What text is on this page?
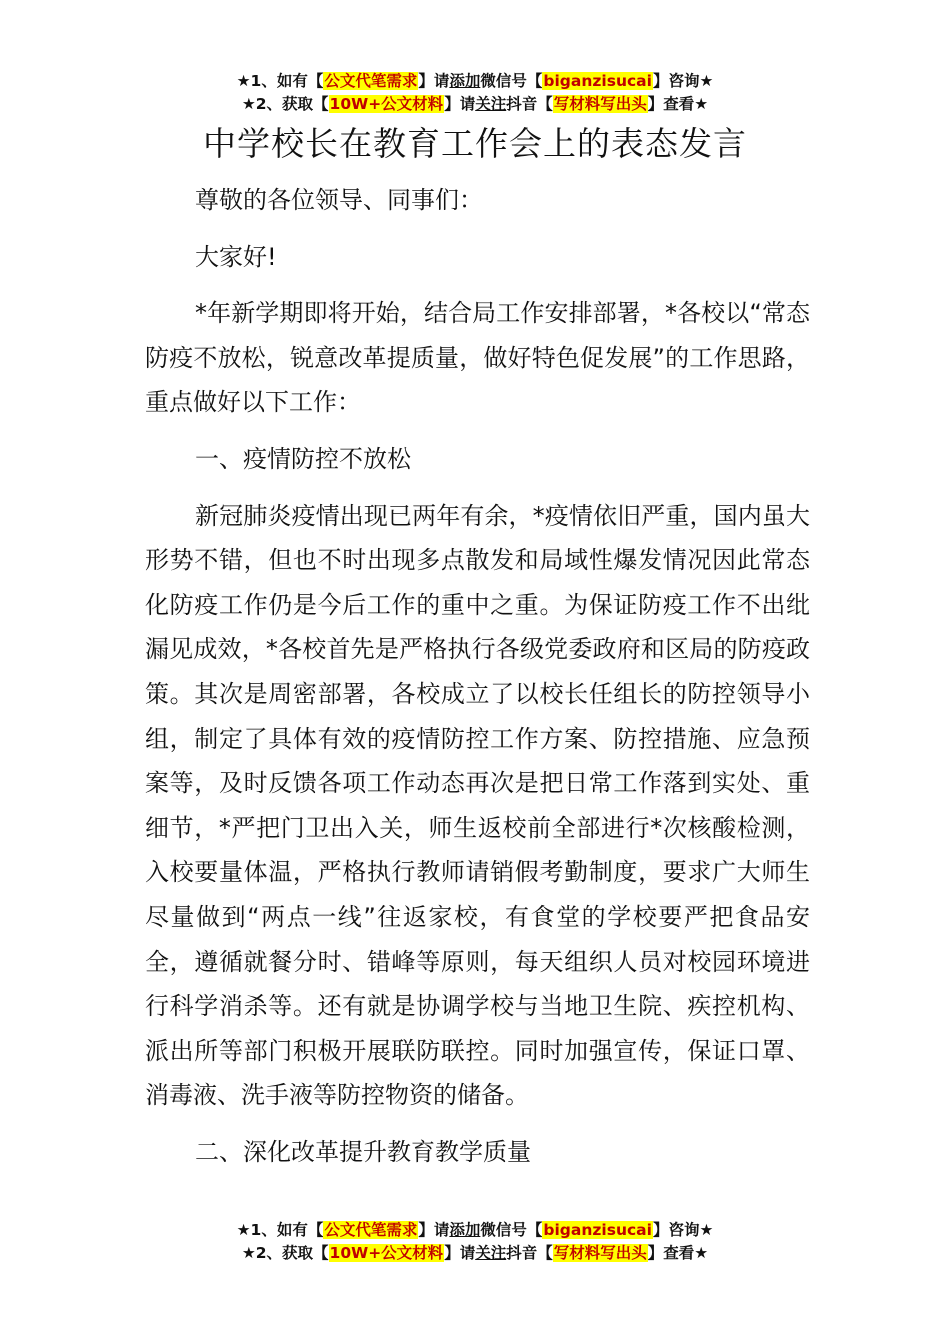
★1、如有【公文代笔需求】请添加微信号【biganzisucai】咨询★
★2、获取【10W+公文材料】请关注抖音【写材料写出头】查看★
中学校长在教育工作会上的表态发言

尊敬的各位领导、同事们：

大家好!

*年新学期即将开始，结合局工作安排部署，*各校以“常态防疫不放松，锐意改革提质量，做好特色促发展”的工作思路，重点做好以下工作：

一、疫情防控不放松

新冠肺炎疫情出现已两年有余，*疫情依旧严重，国内虽大形势不错，但也不时出现多点散发和局域性爆发情况因此常态化防疫工作仍是今后工作的重中之重。为保证防疫工作不出纰漏见成效，*各校首先是严格执行各级党委政府和区局的防疫政策。其次是周密部署，各校成立了以校长任组长的防控领导小组，制定了具体有效的疫情防控工作方案、防控措施、应急预案等，及时反馈各项工作动态再次是把日常工作落到实处、重细节，*严把门卫出入关，师生返校前全部进行*次核酸检测，入校要量体温，严格执行教师请销假考勤制度，要求广大师生尽量做到“两点一线”往返家校，有食堂的学校要严把食品安全，遵循就餐分时、错峰等原则，每天组织人员对校园环境进行科学消杀等。还有就是协调学校与当地卫生院、疾控机构、派出所等部门积极开展联防联控。同时加强宣传，保证口罩、消毒液、洗手液等防控物资的储备。

二、深化改革提升教育教学质量

★1、如有【公文代笔需求】请添加微信号【biganzisucai】咨询★
★2、获取【10W+公文材料】请关注抖音【写材料写出头】查看★
